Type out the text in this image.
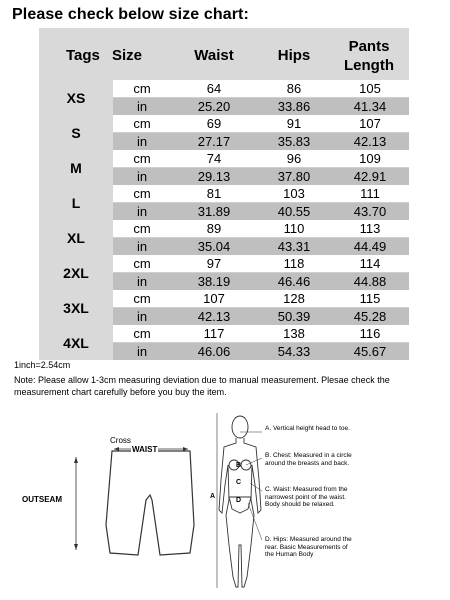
Please check below size chart:
Tags Size	Waist	Hips
Pants
Length
XS
cm	64	86	105
in	25.20	33.86	41.34
S
cm	69	91	107
in	27.17	35.83	42.13
M
cm	74	96	109
in	29.13	37.80	42.91
L
cm	81	103	111
in	31.89	40.55	43.70
XL
cm	89	110	113
in	35.04	43.31	44.49
2XL
cm	97	118	114
in	38.19	46.46	44.88
3XL
cm	107	128	115
in	42.13	50.39	45.28
4XL
cm	117	138	116
in	46.06	54.33	45.67
1inch=2.54cm
Note: Please allow 1-3cm measuring deviation due to manual measurement. Plesae check the measurement chart carefully before you buy the item.
Cross
WAIST
OUTSEAM	A
B
C
D
A. Vertical height head to toe.
B. Chest: Measured in a circle around the breasts and back.
C. Waist: Measured from the narrowest point of the waist. Body should be relaxed.
D. Hips: Measured around the rear. Basic Measurements of the Human Body
